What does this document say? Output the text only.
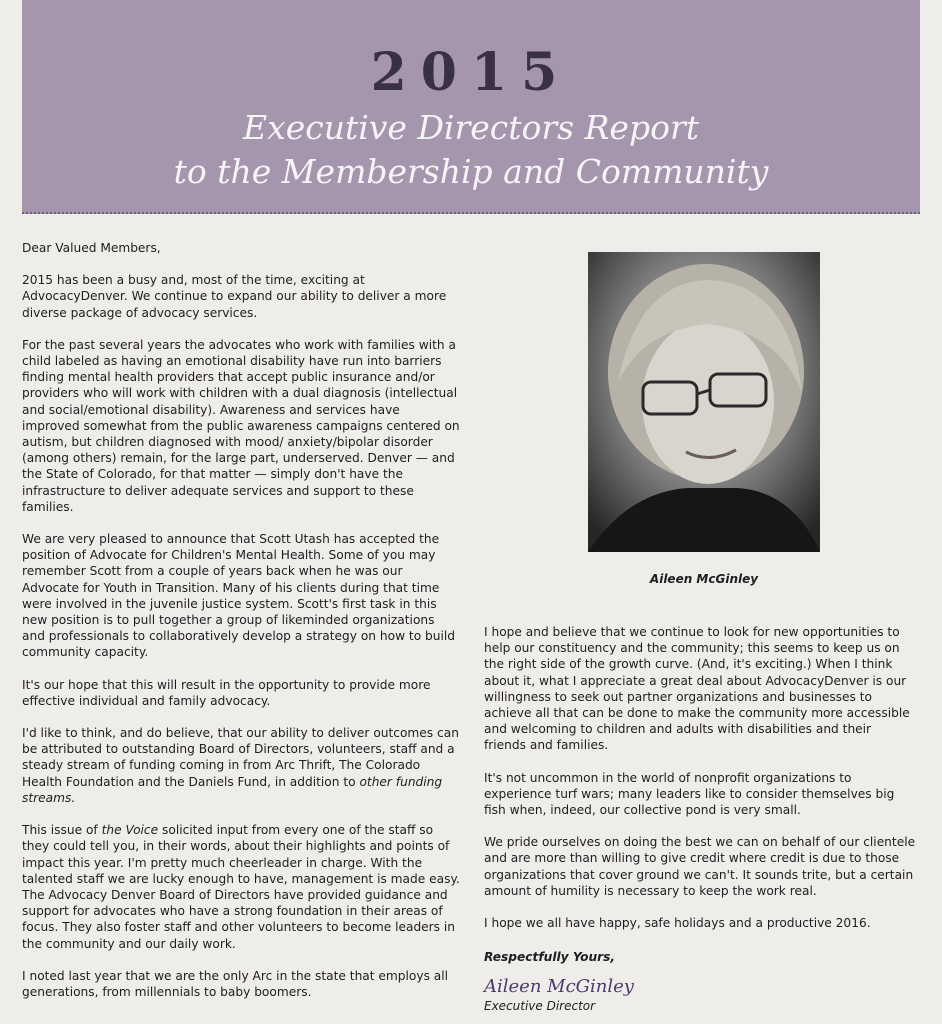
2015
Executive Directors Report
to the Membership and Community

Dear Valued Members,

2015 has been a busy and, most of the time, exciting at AdvocacyDenver. We continue to expand our ability to deliver a more diverse package of advocacy services.

For the past several years the advocates who work with families with a child labeled as having an emotional disability have run into barriers finding mental health providers that accept public insurance and/or providers who will work with children with a dual diagnosis (intellectual and social/emotional disability). Awareness and services have improved somewhat from the public awareness campaigns centered on autism, but children diagnosed with mood/ anxiety/bipolar disorder (among others) remain, for the large part, underserved. Denver — and the State of Colorado, for that matter — simply don't have the infrastructure to deliver adequate services and support to these families.

We are very pleased to announce that Scott Utash has accepted the position of Advocate for Children's Mental Health. Some of you may remember Scott from a couple of years back when he was our Advocate for Youth in Transition. Many of his clients during that time were involved in the juvenile justice system. Scott's first task in this new position is to pull together a group of likeminded organizations and professionals to collaboratively develop a strategy on how to build community capacity.

It's our hope that this will result in the opportunity to provide more effective individual and family advocacy.

I'd like to think, and do believe, that our ability to deliver outcomes can be attributed to outstanding Board of Directors, volunteers, staff and a steady stream of funding coming in from Arc Thrift, The Colorado Health Foundation and the Daniels Fund, in addition to other funding streams.

This issue of the Voice solicited input from every one of the staff so they could tell you, in their words, about their highlights and points of impact this year. I'm pretty much cheerleader in charge. With the talented staff we are lucky enough to have, management is made easy. The Advocacy Denver Board of Directors have provided guidance and support for advocates who have a strong foundation in their areas of focus. They also foster staff and other volunteers to become leaders in the community and our daily work.

I noted last year that we are the only Arc in the state that employs all generations, from millennials to baby boomers.

Aileen McGinley

I hope and believe that we continue to look for new opportunities to help our constituency and the community; this seems to keep us on the right side of the growth curve. (And, it's exciting.) When I think about it, what I appreciate a great deal about AdvocacyDenver is our willingness to seek out partner organizations and businesses to achieve all that can be done to make the community more accessible and welcoming to children and adults with disabilities and their friends and families.

It's not uncommon in the world of nonprofit organizations to experience turf wars; many leaders like to consider themselves big fish when, indeed, our collective pond is very small.

We pride ourselves on doing the best we can on behalf of our clientele and are more than willing to give credit where credit is due to those organizations that cover ground we can't. It sounds trite, but a certain amount of humility is necessary to keep the work real.

I hope we all have happy, safe holidays and a productive 2016.

Respectfully Yours,
Aileen McGinley
Executive Director
